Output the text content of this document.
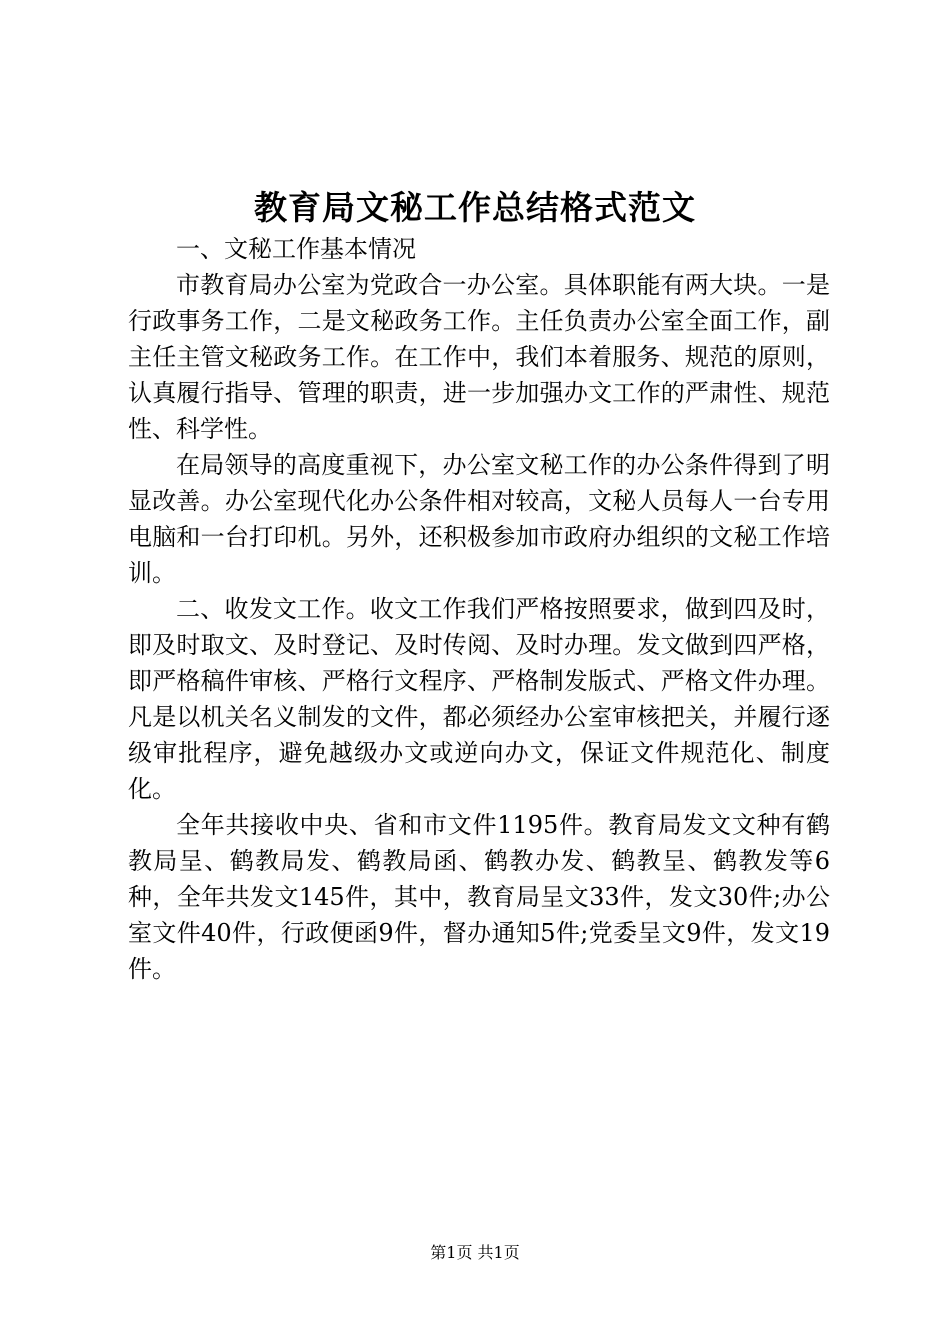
教育局文秘工作总结格式范文

一、文秘工作基本情况

市教育局办公室为党政合一办公室。具体职能有两大块。一是行政事务工作，二是文秘政务工作。主任负责办公室全面工作，副主任主管文秘政务工作。在工作中，我们本着服务、规范的原则，认真履行指导、管理的职责，进一步加强办文工作的严肃性、规范性、科学性。

在局领导的高度重视下，办公室文秘工作的办公条件得到了明显改善。办公室现代化办公条件相对较高，文秘人员每人一台专用电脑和一台打印机。另外，还积极参加市政府办组织的文秘工作培训。

二、收发文工作。收文工作我们严格按照要求，做到四及时，即及时取文、及时登记、及时传阅、及时办理。发文做到四严格，即严格稿件审核、严格行文程序、严格制发版式、严格文件办理。凡是以机关名义制发的文件，都必须经办公室审核把关，并履行逐级审批程序，避免越级办文或逆向办文，保证文件规范化、制度化。

全年共接收中央、省和市文件1195件。教育局发文文种有鹤教局呈、鹤教局发、鹤教局函、鹤教办发、鹤教呈、鹤教发等6种，全年共发文145件，其中，教育局呈文33件，发文30件;办公室文件40件，行政便函9件，督办通知5件;党委呈文9件，发文19件。

第1页 共1页
